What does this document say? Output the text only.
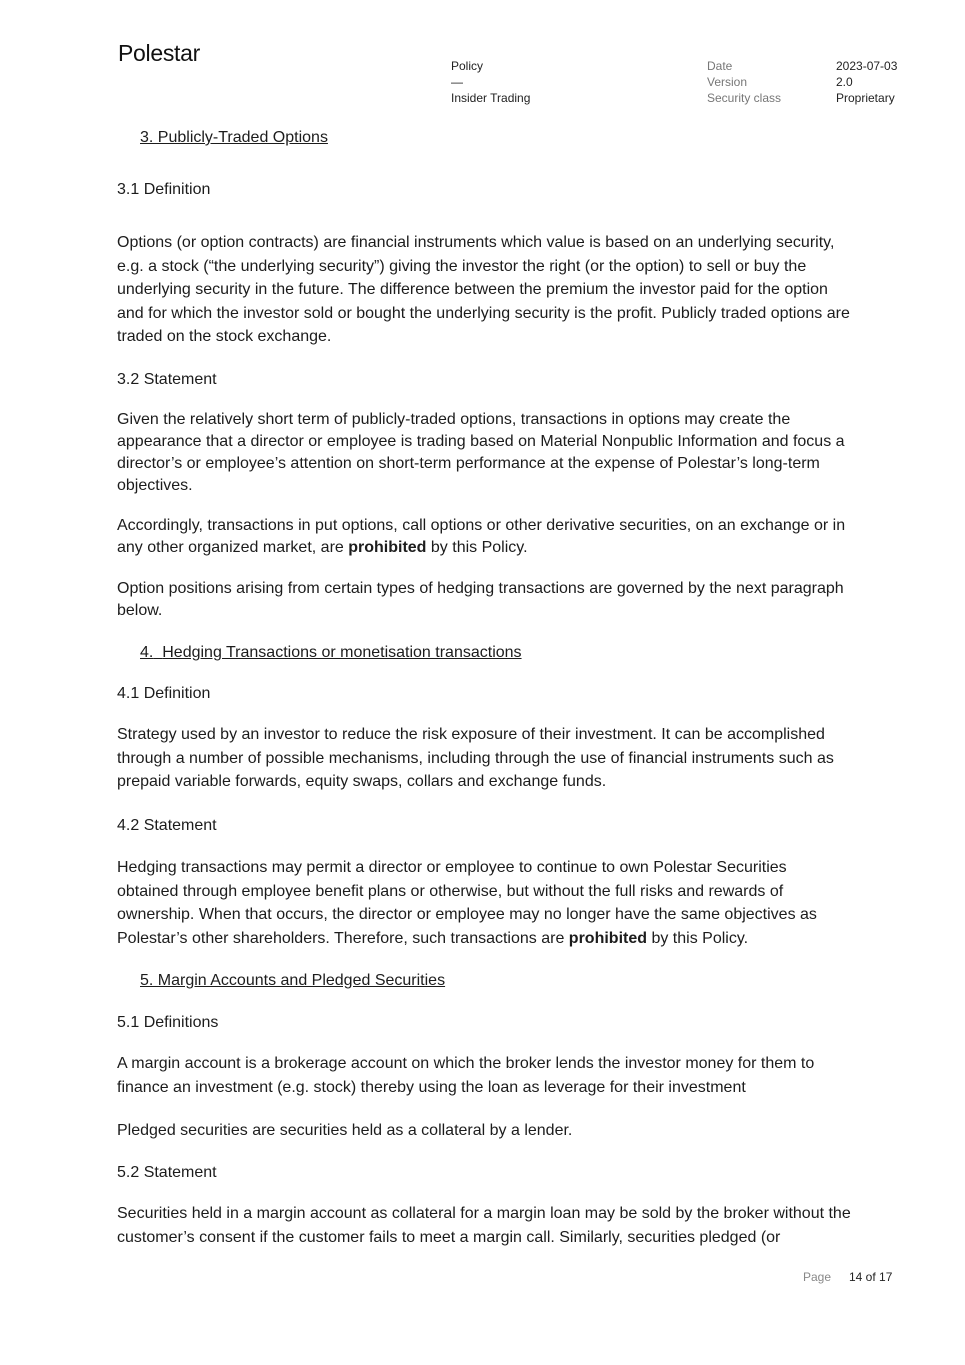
Polestar	Policy
—
Insider Trading
Date
Version
Security class
2023-07-03
2.0
Proprietary
3. Publicly-Traded Options
3.1 Definition

Options (or option contracts) are financial instruments which value is based on an underlying security, e.g. a stock (“the underlying security”) giving the investor the right (or the option) to sell or buy the underlying security in the future. The difference between the premium the investor paid for the option and for which the investor sold or bought the underlying security is the profit. Publicly traded options are traded on the stock exchange.

3.2 Statement

Given the relatively short term of publicly-traded options, transactions in options may create the appearance that a director or employee is trading based on Material Nonpublic Information and focus a director’s or employee’s attention on short-term performance at the expense of Polestar’s long-term objectives.

Accordingly, transactions in put options, call options or other derivative securities, on an exchange or in any other organized market, are prohibited by this Policy.

Option positions arising from certain types of hedging transactions are governed by the next paragraph below.

4. Hedging Transactions or monetisation transactions
4.1 Definition

Strategy used by an investor to reduce the risk exposure of their investment. It can be accomplished through a number of possible mechanisms, including through the use of financial instruments such as prepaid variable forwards, equity swaps, collars and exchange funds.

4.2 Statement

Hedging transactions may permit a director or employee to continue to own Polestar Securities obtained through employee benefit plans or otherwise, but without the full risks and rewards of ownership. When that occurs, the director or employee may no longer have the same objectives as Polestar’s other shareholders. Therefore, such transactions are prohibited by this Policy.

5. Margin Accounts and Pledged Securities
5.1 Definitions

A margin account is a brokerage account on which the broker lends the investor money for them to finance an investment (e.g. stock) thereby using the loan as leverage for their investment

Pledged securities are securities held as a collateral by a lender.

5.2 Statement

Securities held in a margin account as collateral for a margin loan may be sold by the broker without the customer’s consent if the customer fails to meet a margin call. Similarly, securities pledged (or

Page 14 of 17
